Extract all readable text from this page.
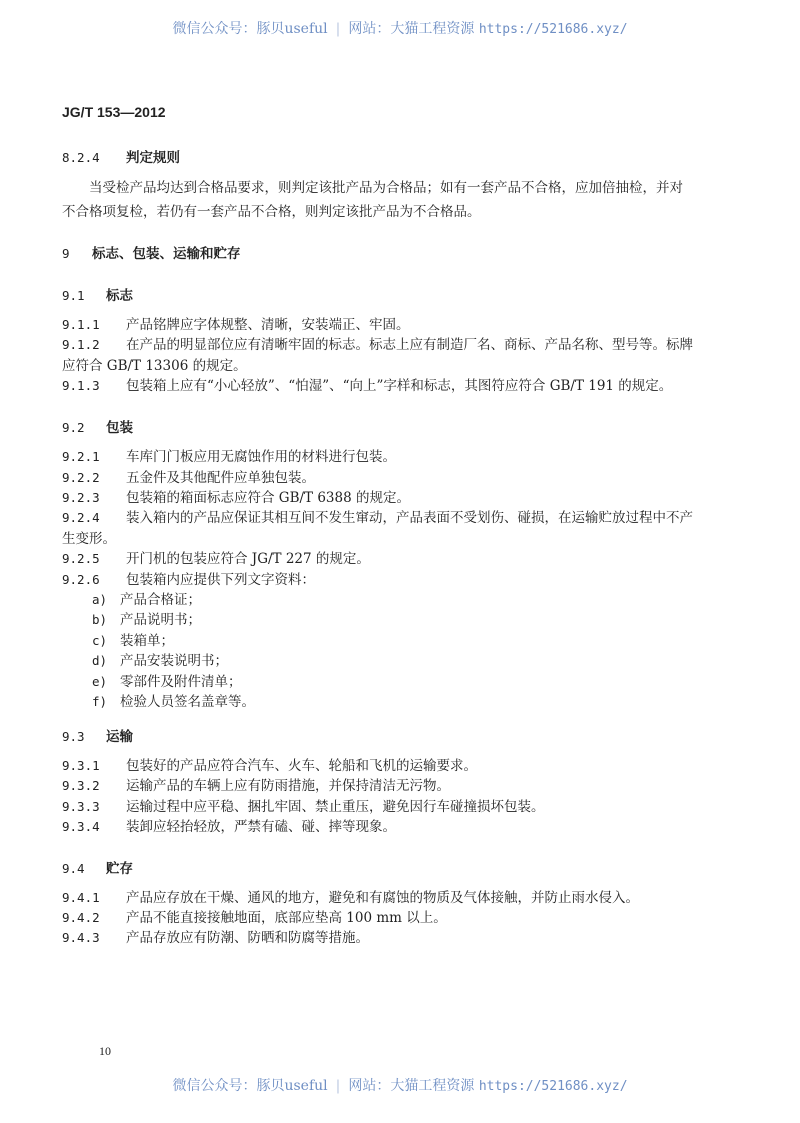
微信公众号：豚贝useful | 网站：大猫工程资源 https://521686.xyz/
JG/T 153—2012
8.2.4 判定规则
当受检产品均达到合格品要求，则判定该批产品为合格品；如有一套产品不合格，应加倍抽检，并对
不合格项复检，若仍有一套产品不合格，则判定该批产品为不合格品。
9 标志、包装、运输和贮存
9.1 标志
9.1.1 产品铭牌应字体规整、清晰，安装端正、牢固。
9.1.2 在产品的明显部位应有清晰牢固的标志。标志上应有制造厂名、商标、产品名称、型号等。标牌
应符合 GB/T 13306 的规定。
9.1.3 包装箱上应有“小心轻放”、“怕湿”、“向上”字样和标志，其图符应符合 GB/T 191 的规定。
9.2 包装
9.2.1 车库门门板应用无腐蚀作用的材料进行包装。
9.2.2 五金件及其他配件应单独包装。
9.2.3 包装箱的箱面标志应符合 GB/T 6388 的规定。
9.2.4 装入箱内的产品应保证其相互间不发生窜动，产品表面不受划伤、碰损，在运输贮放过程中不产
生变形。
9.2.5 开门机的包装应符合 JG/T 227 的规定。
9.2.6 包装箱内应提供下列文字资料：
a) 产品合格证；
b) 产品说明书；
c) 装箱单；
d) 产品安装说明书；
e) 零部件及附件清单；
f) 检验人员签名盖章等。
9.3 运输
9.3.1 包装好的产品应符合汽车、火车、轮船和飞机的运输要求。
9.3.2 运输产品的车辆上应有防雨措施，并保持清洁无污物。
9.3.3 运输过程中应平稳、捆扎牢固、禁止重压，避免因行车碰撞损坏包装。
9.3.4 装卸应轻抬轻放，严禁有磕、碰、摔等现象。
9.4 贮存
9.4.1 产品应存放在干燥、通风的地方，避免和有腐蚀的物质及气体接触，并防止雨水侵入。
9.4.2 产品不能直接接触地面，底部应垫高 100 mm 以上。
9.4.3 产品存放应有防潮、防晒和防腐等措施。
10
微信公众号：豚贝useful | 网站：大猫工程资源 https://521686.xyz/
